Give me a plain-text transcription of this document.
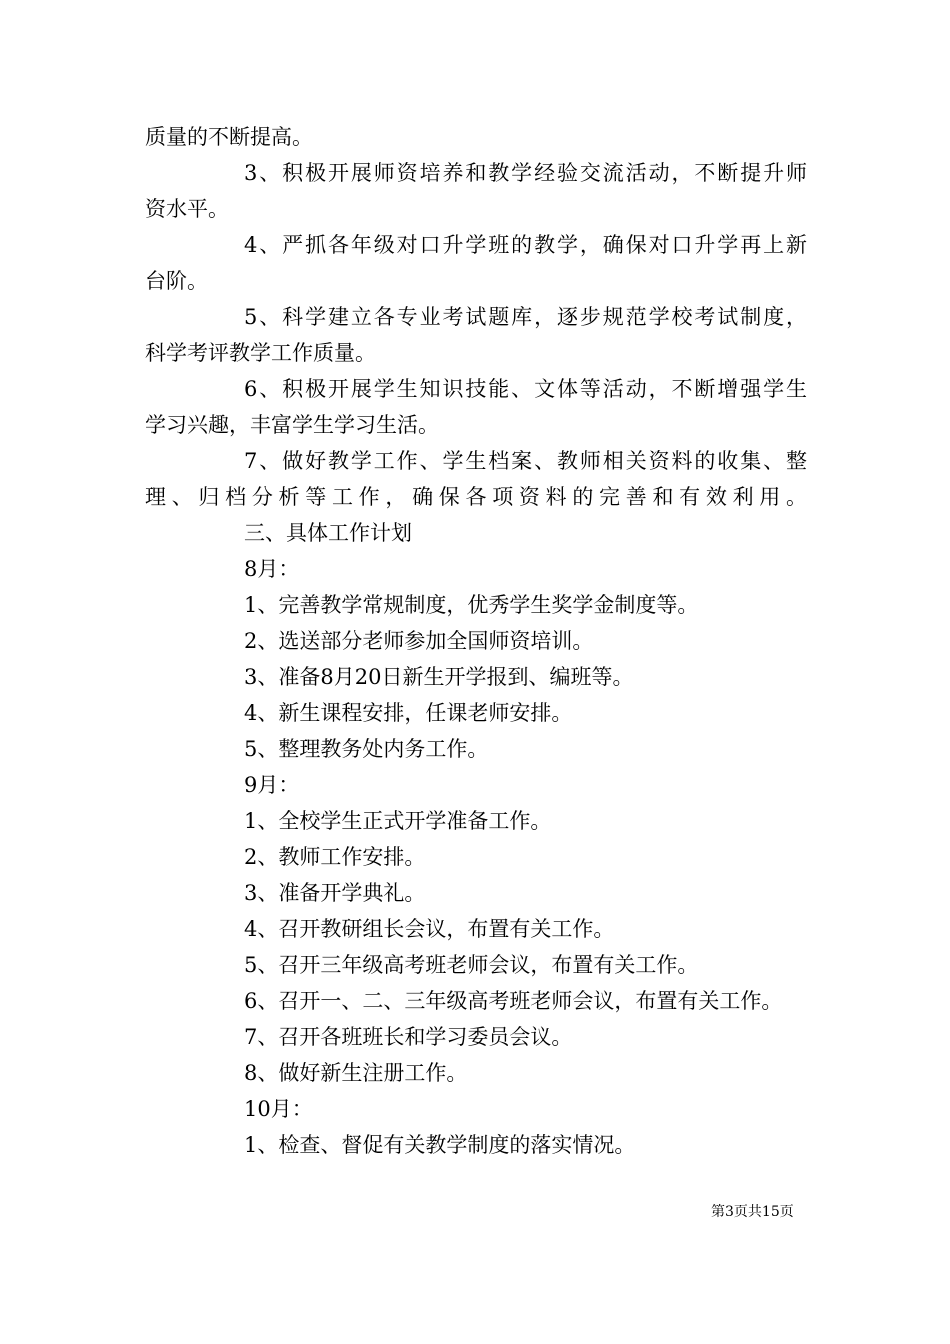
质量的不断提高。
3、积极开展师资培养和教学经验交流活动，不断提升师
资水平。
4、严抓各年级对口升学班的教学，确保对口升学再上新
台阶。
5、科学建立各专业考试题库，逐步规范学校考试制度，
科学考评教学工作质量。
6、积极开展学生知识技能、文体等活动，不断增强学生
学习兴趣，丰富学生学习生活。
7、做好教学工作、学生档案、教师相关资料的收集、整
理、归档分析等工作，确保各项资料的完善和有效利用。
三、具体工作计划
8月：
1、完善教学常规制度，优秀学生奖学金制度等。
2、选送部分老师参加全国师资培训。
3、准备8月20日新生开学报到、编班等。
4、新生课程安排，任课老师安排。
5、整理教务处内务工作。
9月：
1、全校学生正式开学准备工作。
2、教师工作安排。
3、准备开学典礼。
4、召开教研组长会议，布置有关工作。
5、召开三年级高考班老师会议，布置有关工作。
6、召开一、二、三年级高考班老师会议，布置有关工作。
7、召开各班班长和学习委员会议。
8、做好新生注册工作。
10月：
1、检查、督促有关教学制度的落实情况。
第3页共15页
